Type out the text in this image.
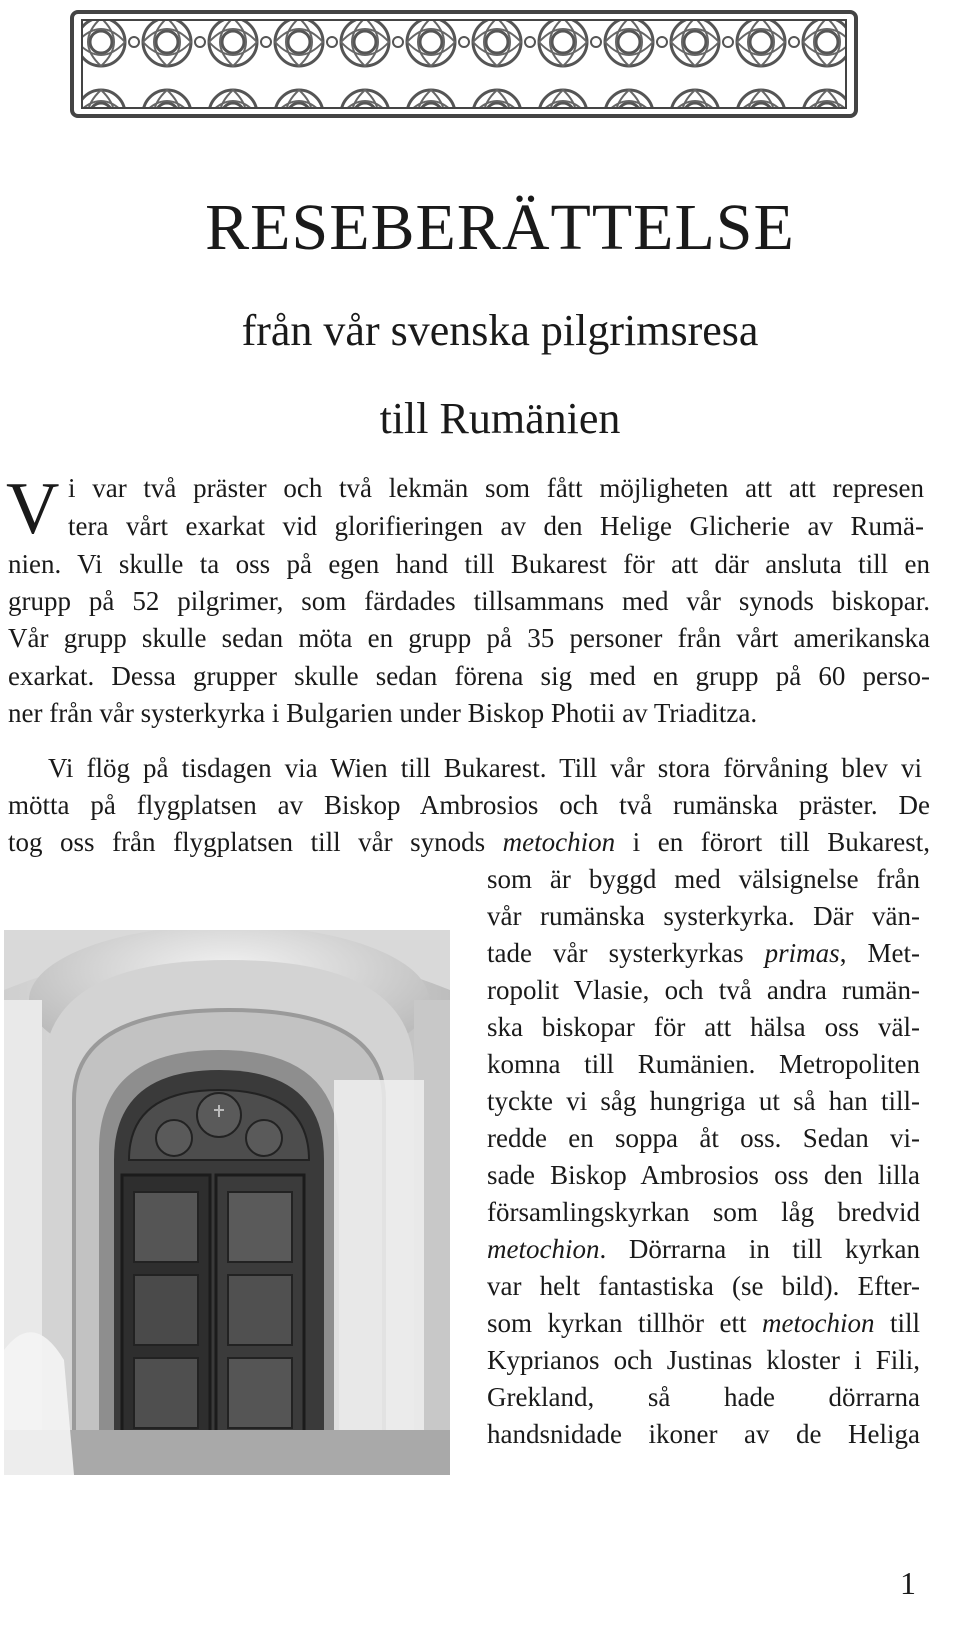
RESEBERÄTTELSE
från vår svenska pilgrimsresa
till Rumänien
V i var två präster och två lekmän som fått möjligheten att att represen
tera vårt exarkat vid glorifieringen av den Helige Glicherie av Rumä-
nien. Vi skulle ta oss på egen hand till Bukarest för att där ansluta till en
grupp på 52 pilgrimer, som färdades tillsammans med vår synods biskopar.
Vår grupp skulle sedan möta en grupp på 35 personer från vårt amerikanska
exarkat. Dessa grupper skulle sedan förena sig med en grupp på 60 perso-
ner från vår systerkyrka i Bulgarien under Biskop Photii av Triaditza.
Vi flög på tisdagen via Wien till Bukarest. Till vår stora förvåning blev vi
mötta på flygplatsen av Biskop Ambrosios och två rumänska präster. De
tog oss från flygplatsen till vår synods metochion i en förort till Bukarest,
som är byggd med välsignelse från
vår rumänska systerkyrka. Där vän-
tade vår systerkyrkas primas, Met-
ropolit Vlasie, och två andra rumän-
ska biskopar för att hälsa oss väl-
komna till Rumänien. Metropoliten
tyckte vi såg hungriga ut så han till-
redde en soppa åt oss. Sedan vi-
sade Biskop Ambrosios oss den lilla
församlingskyrkan som låg bredvid
metochion. Dörrarna in till kyrkan
var helt fantastiska (se bild). Efter-
som kyrkan tillhör ett metochion till
Kyprianos och Justinas kloster i Fili,
Grekland, så hade dörrarna
handsnidade ikoner av de Heliga
1
